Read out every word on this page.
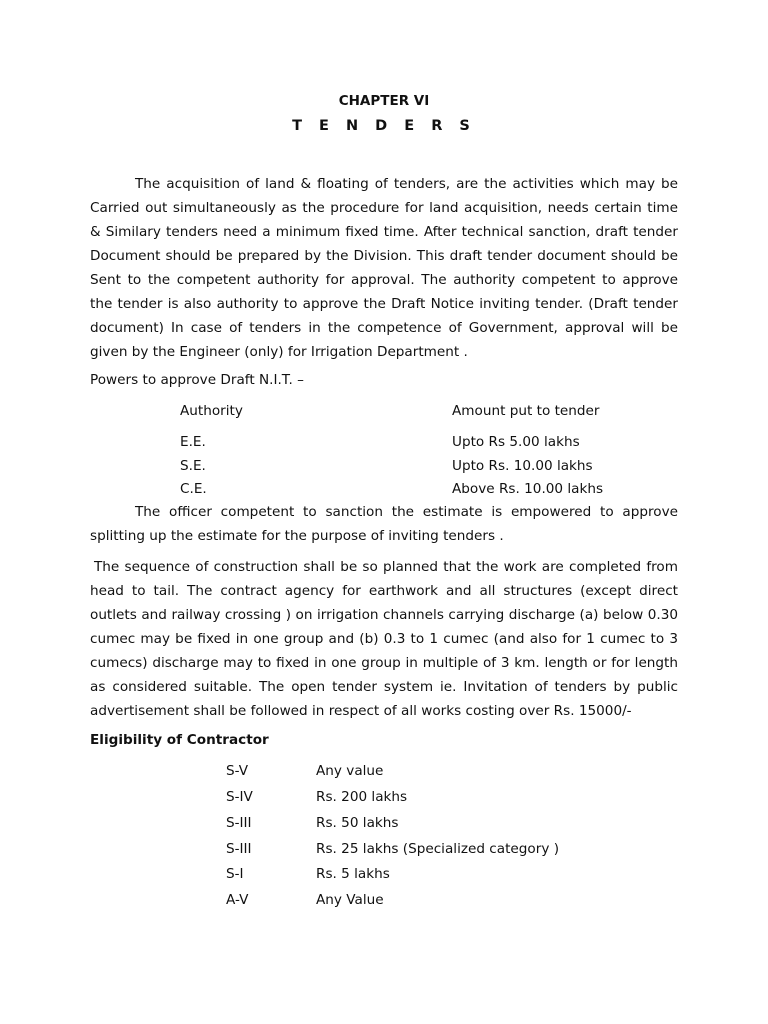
CHAPTER VI
T E N D E R S

The acquisition of land & floating of tenders, are the activities which may be Carried out simultaneously as the procedure for land acquisition, needs certain time & Similary tenders need a minimum fixed time. After technical sanction, draft tender Document should be prepared by the Division. This draft tender document should be Sent to the competent authority for approval. The authority competent to approve the tender is also authority to approve the Draft Notice inviting tender. (Draft tender document) In case of tenders in the competence of Government, approval will be given by the Engineer (only) for Irrigation Department .

Powers to approve Draft N.I.T. –
Authority	Amount put to tender
E.E.	Upto Rs 5.00 lakhs
S.E.	Upto Rs. 10.00 lakhs
C.E.	Above Rs. 10.00 lakhs

The officer competent to sanction the estimate is empowered to approve splitting up the estimate for the purpose of inviting tenders .

The sequence of construction shall be so planned that the work are completed from head to tail. The contract agency for earthwork and all structures (except direct outlets and railway crossing ) on irrigation channels carrying discharge (a) below 0.30 cumec may be fixed in one group and (b) 0.3 to 1 cumec (and also for 1 cumec to 3 cumecs) discharge may to fixed in one group in multiple of 3 km. length or for length as considered suitable. The open tender system ie. Invitation of tenders by public advertisement shall be followed in respect of all works costing over Rs. 15000/-

Eligibility of Contractor
S-V	Any value
S-IV	Rs. 200 lakhs
S-III	Rs. 50 lakhs
S-III	Rs. 25 lakhs (Specialized category )
S-I	Rs. 5 lakhs
A-V	Any Value
